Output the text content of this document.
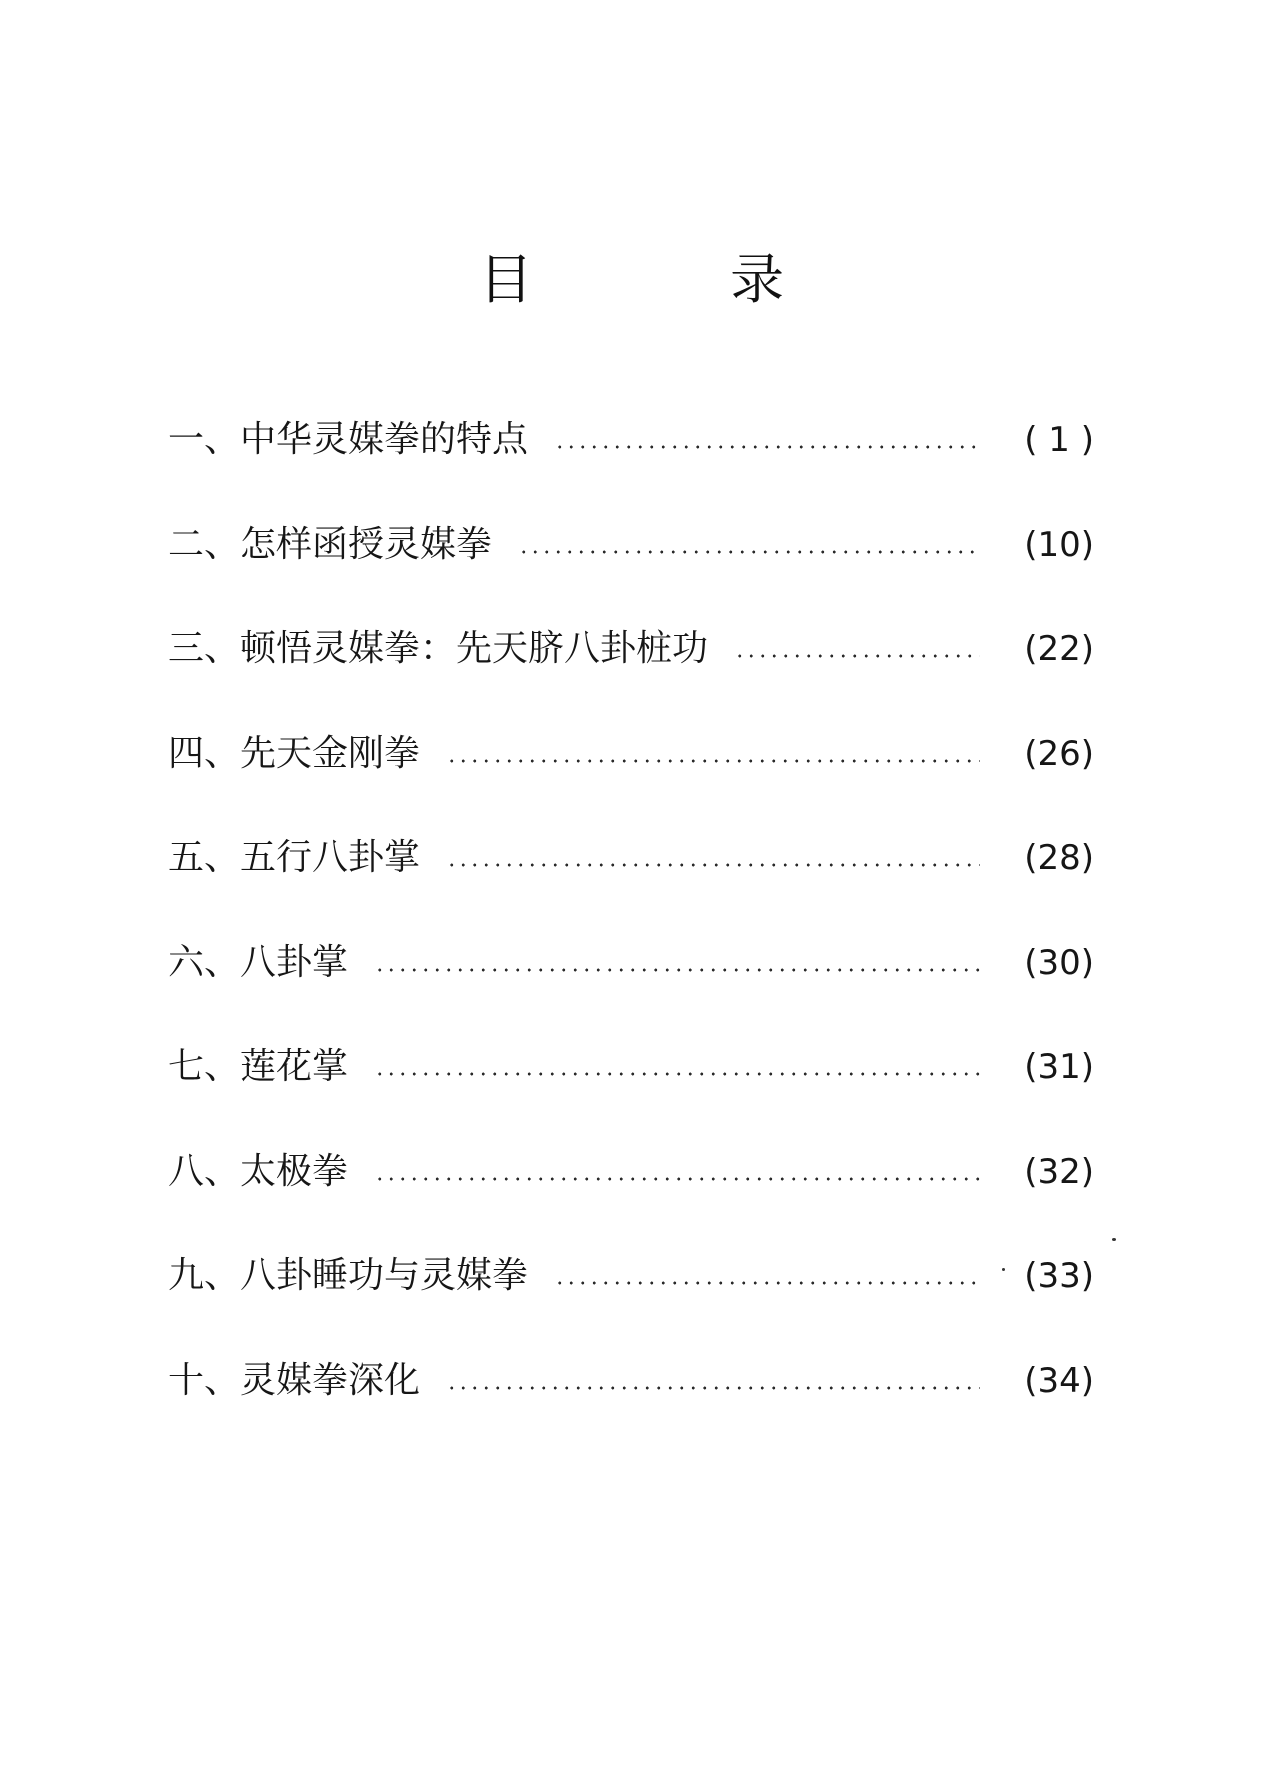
目 录
一、中华灵媒拳的特点	( 1 )
二、怎样函授灵媒拳	(10)
三、顿悟灵媒拳：先天脐八卦桩功	(22)
四、先天金刚拳	(26)
五、五行八卦掌	(28)
六、八卦掌	(30)
七、莲花掌	(31)
八、太极拳	(32)
九、八卦睡功与灵媒拳	(33)
十、灵媒拳深化	(34)
